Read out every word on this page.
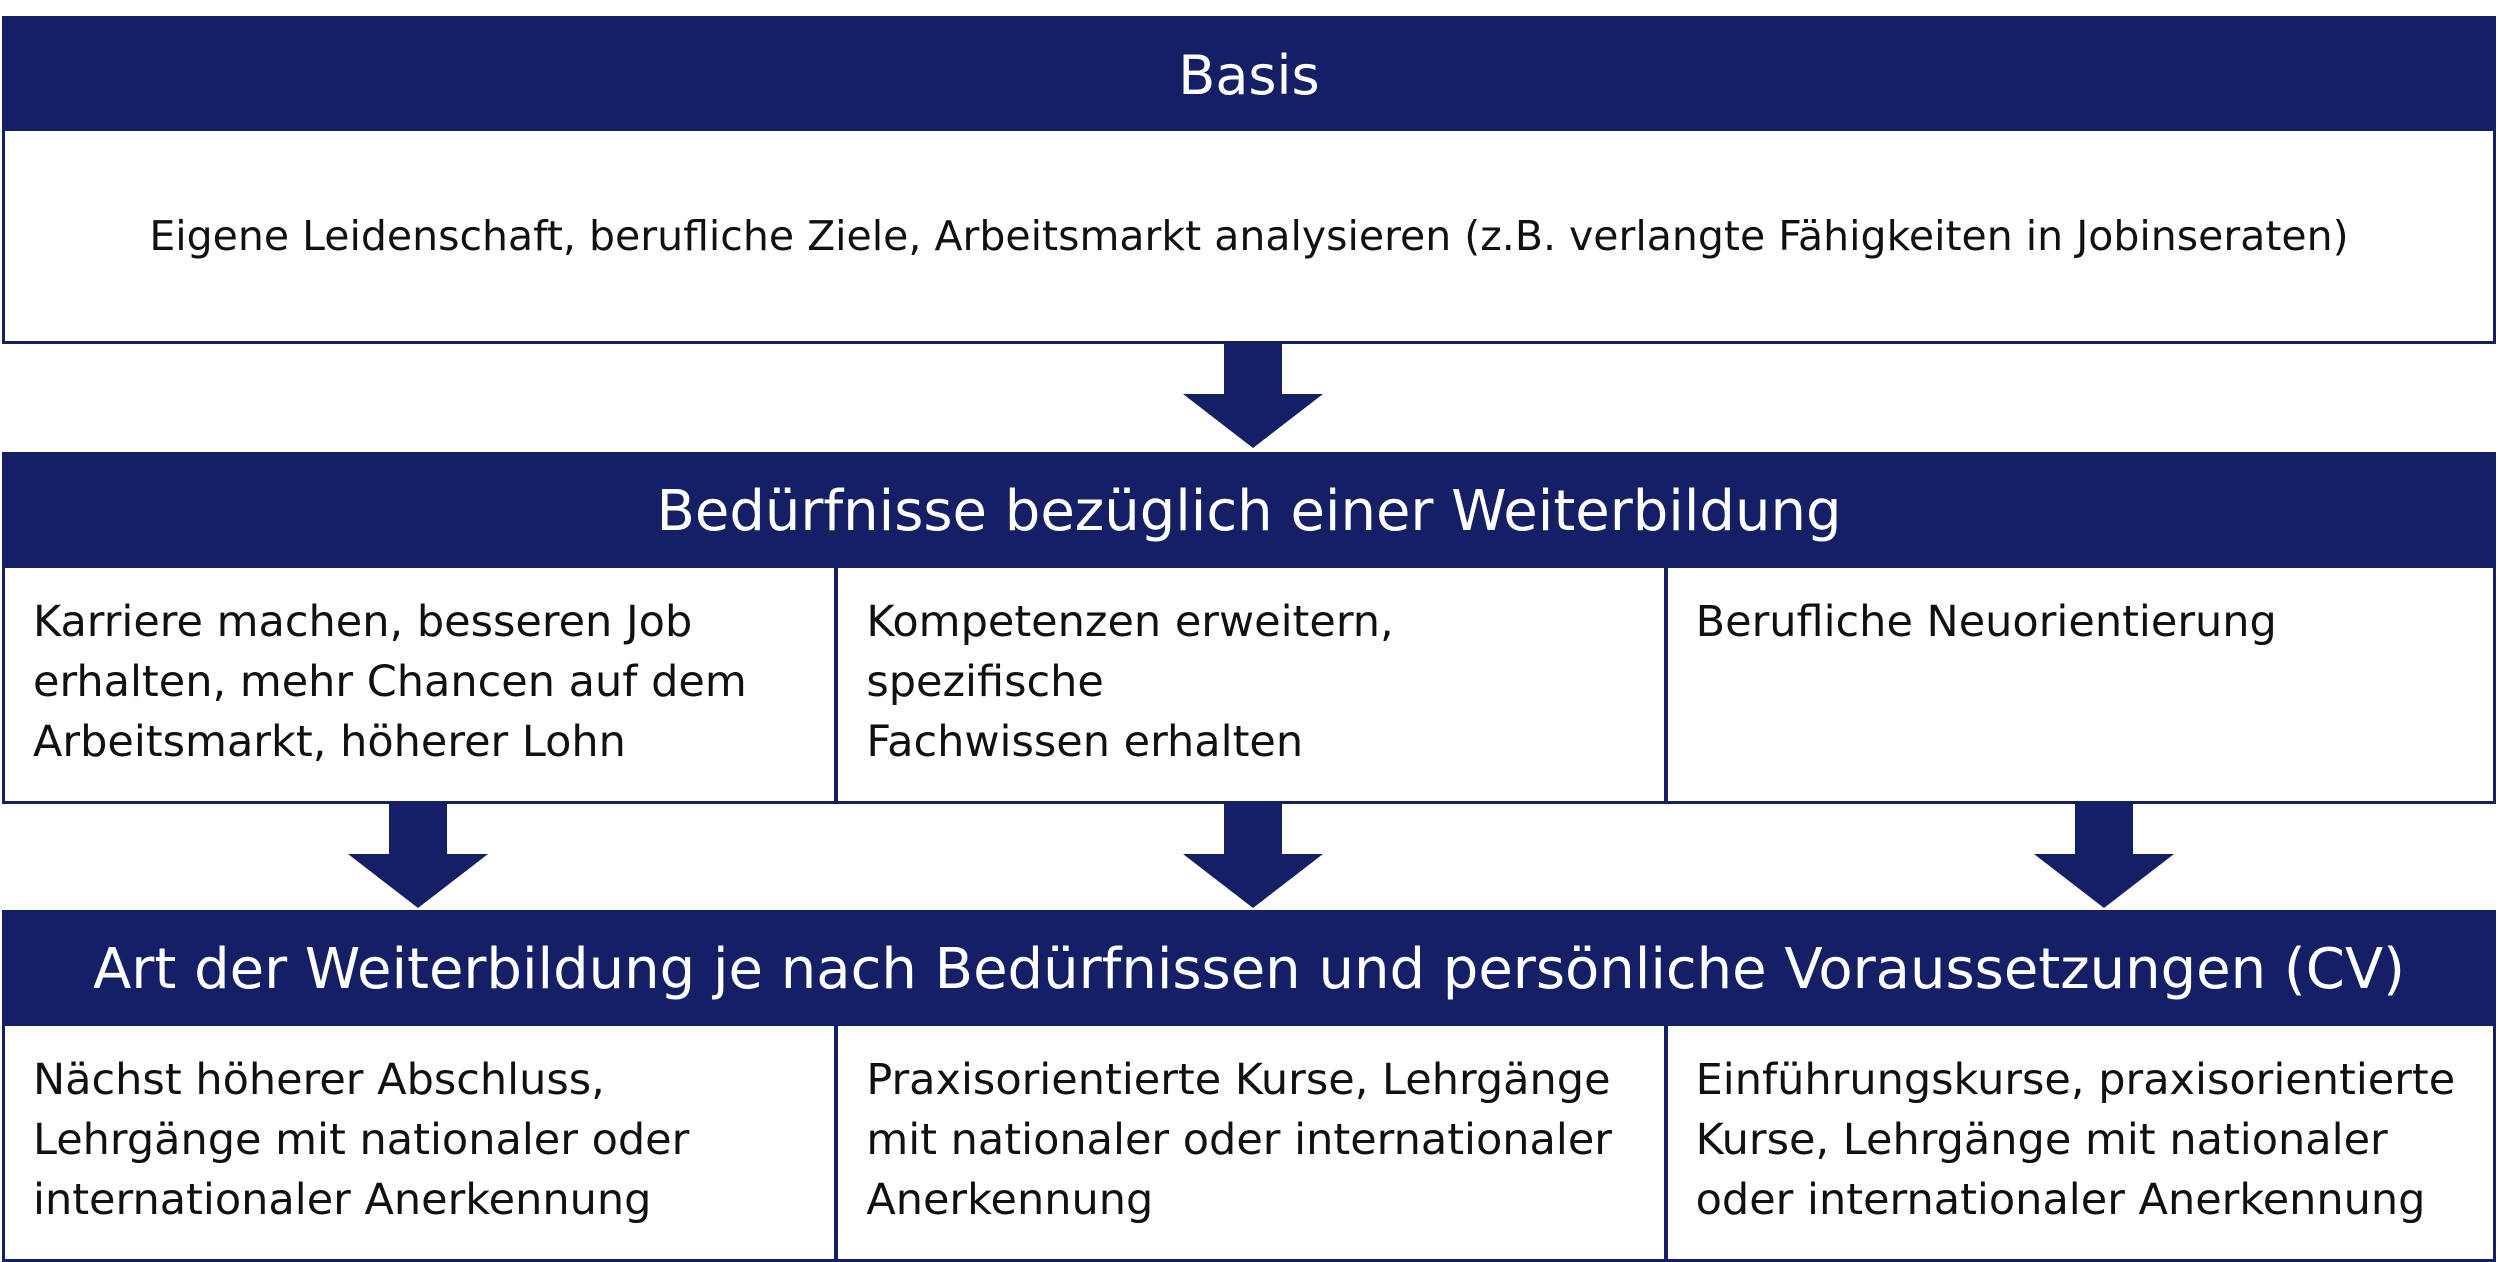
Basis
Eigene Leidenschaft, berufliche Ziele, Arbeitsmarkt analysieren (z.B. verlangte Fähigkeiten in Jobinseraten)
Bedürfnisse bezüglich einer Weiterbildung
Karriere machen, besseren Job
erhalten, mehr Chancen auf dem
Arbeitsmarkt, höherer Lohn
Kompetenzen erweitern, spezifische
Fachwissen erhalten
Berufliche Neuorientierung
Art der Weiterbildung je nach Bedürfnissen und persönliche Voraussetzungen (CV)
Nächst höherer Abschluss,
Lehrgänge mit nationaler oder
internationaler Anerkennung
Praxisorientierte Kurse, Lehrgänge
mit nationaler oder internationaler
Anerkennung
Einführungskurse, praxisorientierte
Kurse, Lehrgänge mit nationaler
oder internationaler Anerkennung
